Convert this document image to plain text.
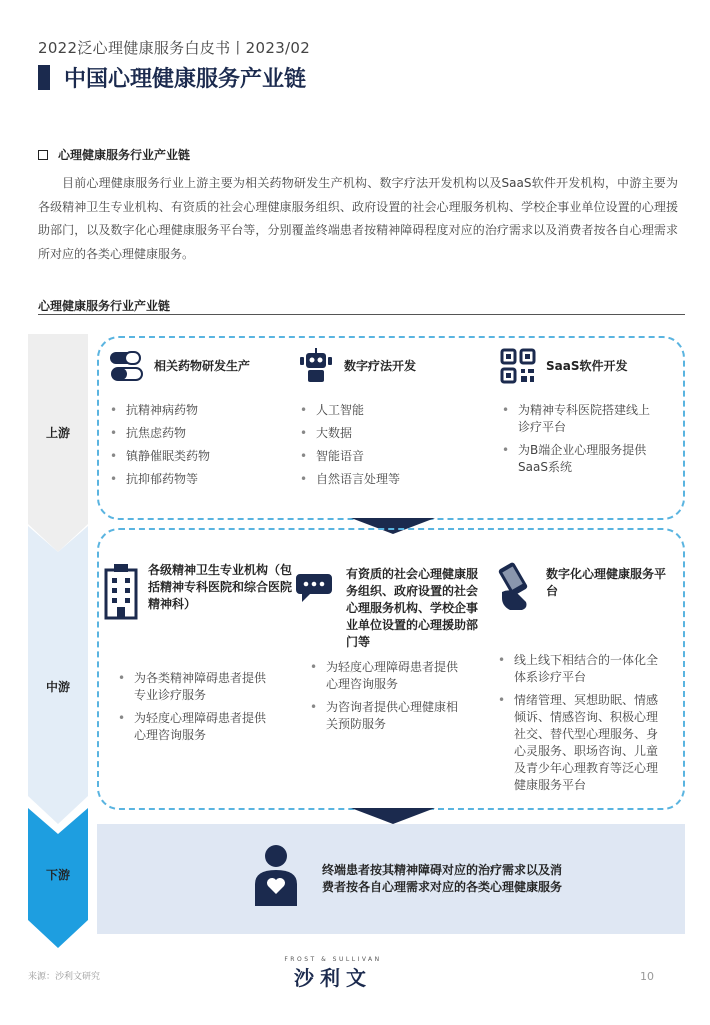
2022泛心理健康服务白皮书丨2023/02
中国心理健康服务产业链
心理健康服务行业产业链

目前心理健康服务行业上游主要为相关药物研发生产机构、数字疗法开发机构以及SaaS软件开发机构，中游主要为各级精神卫生专业机构、有资质的社会心理健康服务组织、政府设置的社会心理服务机构、学校企事业单位设置的心理援助部门，以及数字化心理健康服务平台等，分别覆盖终端患者按精神障碍程度对应的治疗需求以及消费者按各自心理需求所对应的各类心理健康服务。

心理健康服务行业产业链
上游
中游
下游
相关药物研发生产
• 抗精神病药物
• 抗焦虑药物
• 镇静催眠类药物
• 抗抑郁药物等
数字疗法开发
• 人工智能
• 大数据
• 智能语音
• 自然语言处理等
SaaS软件开发
• 为精神专科医院搭建线上诊疗平台
• 为B端企业心理服务提供SaaS系统
各级精神卫生专业机构（包括精神专科医院和综合医院精神科）
• 为各类精神障碍患者提供专业诊疗服务
• 为轻度心理障碍患者提供心理咨询服务
有资质的社会心理健康服务组织、政府设置的社会心理服务机构、学校企事业单位设置的心理援助部门等
• 为轻度心理障碍患者提供心理咨询服务
• 为咨询者提供心理健康相关预防服务
数字化心理健康服务平台
• 线上线下相结合的一体化全体系诊疗平台
• 情绪管理、冥想助眠、情感倾诉、情感咨询、积极心理社交、替代型心理服务、身心灵服务、职场咨询、儿童及青少年心理教育等泛心理健康服务平台
终端患者按其精神障碍对应的治疗需求以及消费者按各自心理需求对应的各类心理健康服务
来源：沙利文研究
FROST & SULLIVAN
沙利文	10
